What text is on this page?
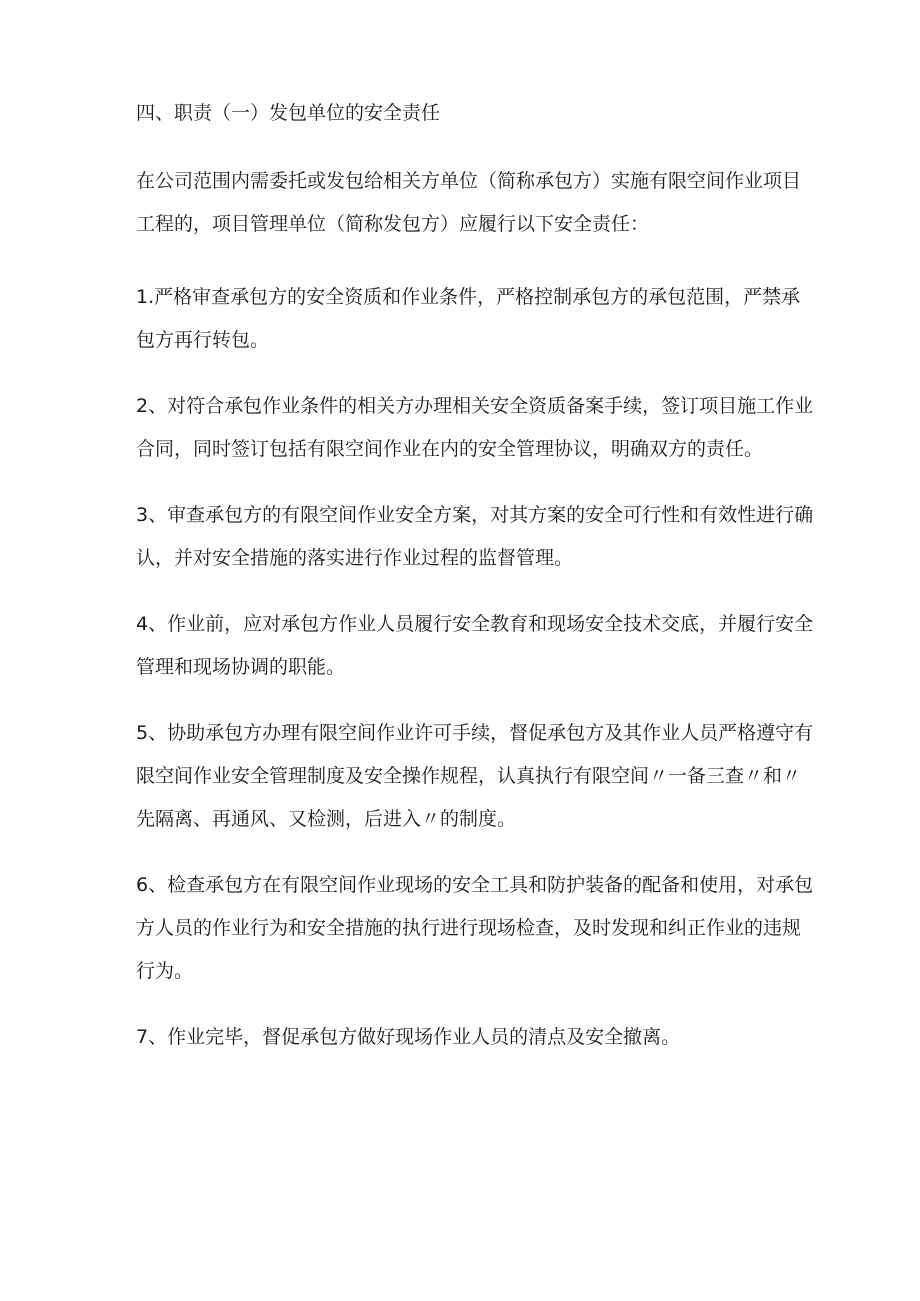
四、职责（一）发包单位的安全责任

在公司范围内需委托或发包给相关方单位（简称承包方）实施有限空间作业项目工程的，项目管理单位（简称发包方）应履行以下安全责任：

1.严格审查承包方的安全资质和作业条件，严格控制承包方的承包范围，严禁承包方再行转包。

2、对符合承包作业条件的相关方办理相关安全资质备案手续，签订项目施工作业合同，同时签订包括有限空间作业在内的安全管理协议，明确双方的责任。

3、审查承包方的有限空间作业安全方案，对其方案的安全可行性和有效性进行确认，并对安全措施的落实进行作业过程的监督管理。

4、作业前，应对承包方作业人员履行安全教育和现场安全技术交底，并履行安全管理和现场协调的职能。

5、协助承包方办理有限空间作业许可手续，督促承包方及其作业人员严格遵守有限空间作业安全管理制度及安全操作规程，认真执行有限空间〃一备三查〃和〃先隔离、再通风、又检测，后进入〃的制度。

6、检查承包方在有限空间作业现场的安全工具和防护装备的配备和使用，对承包方人员的作业行为和安全措施的执行进行现场检查，及时发现和纠正作业的违规行为。

7、作业完毕，督促承包方做好现场作业人员的清点及安全撤离。
